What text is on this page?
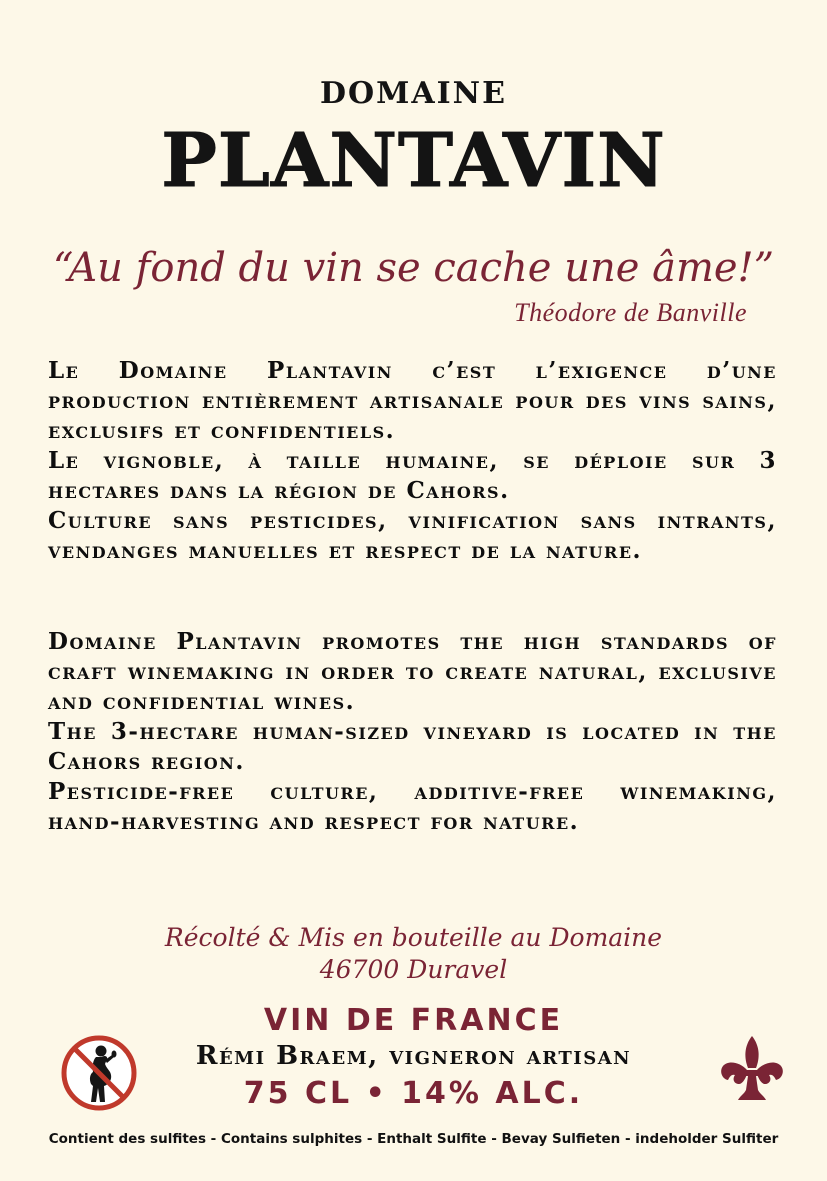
DOMAINE
PLANTAVIN
“Au fond du vin se cache une âme!”
Théodore de Banville

Le Domaine Plantavin c’est l’exigence d’une production entièrement artisanale pour des vins sains, exclusifs et confidentiels.

Le vignoble, à taille humaine, se déploie sur 3 hectares dans la région de Cahors.

Culture sans pesticides, vinification sans intrants, vendanges manuelles et respect de la nature.

Domaine Plantavin promotes the high standards of craft winemaking in order to create natural, exclusive and confidential wines.

The 3-hectare human-sized vineyard is located in the Cahors region.

Pesticide-free culture, additive-free winemaking, hand-harvesting and respect for nature.

Récolté & Mis en bouteille au Domaine
46700 Duravel
VIN DE FRANCE
Rémi Braem, vigneron artisan
75 CL • 14% ALC.
Contient des sulfites - Contains sulphites - Enthalt Sulfite - Bevay Sulfieten - indeholder Sulfiter
